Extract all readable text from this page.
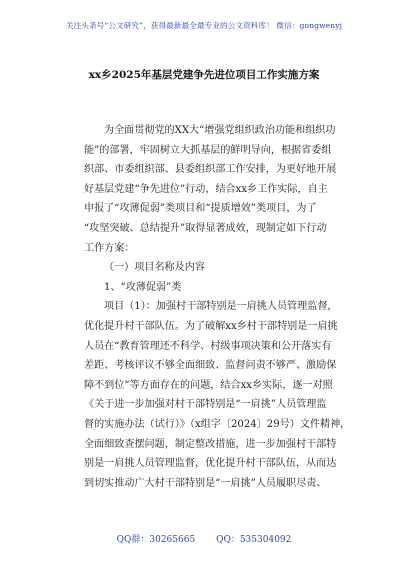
关注头条号“公文研究”，获得最新最全最专业的公文资料库！ 微信：gongwenyj
xx乡2025年基层党建争先进位项目工作实施方案
为全面贯彻党的XX大“增强党组织政治功能和组织功
能”的部署，牢固树立大抓基层的鲜明导向，根据省委组
织部、市委组织部、县委组织部工作安排，为更好地开展
好基层党建“争先进位”行动，结合xx乡工作实际，自主
申报了“攻薄促弱”类项目和“提质增效”类项目，为了
“攻坚突破、总结提升”取得显著成效，现制定如下行动
工作方案：
（一）项目名称及内容
1、“攻薄促弱”类
项目（1）：加强村干部特别是一肩挑人员管理监督，
优化提升村干部队伍。为了破解xx乡村干部特别是一肩挑
人员在“教育管理还不科学、村级事项决策和公开落实有
差距、考核评议不够全面细致、监督问责不够严、激励保
障不到位”等方面存在的问题，结合xx乡实际，逐一对照
《关于进一步加强对村干部特别是“一肩挑”人员管理监
督的实施办法（试行）》（x组字〔2024〕29号）文件精神，
全面细致查摆问题，制定整改措施，进一步加强村干部特
别是一肩挑人员管理监督，优化提升村干部队伍，从而达
到切实推动广大村干部特别是“一肩挑”人员履职尽责、
QQ群：30265665 QQ：535304092
